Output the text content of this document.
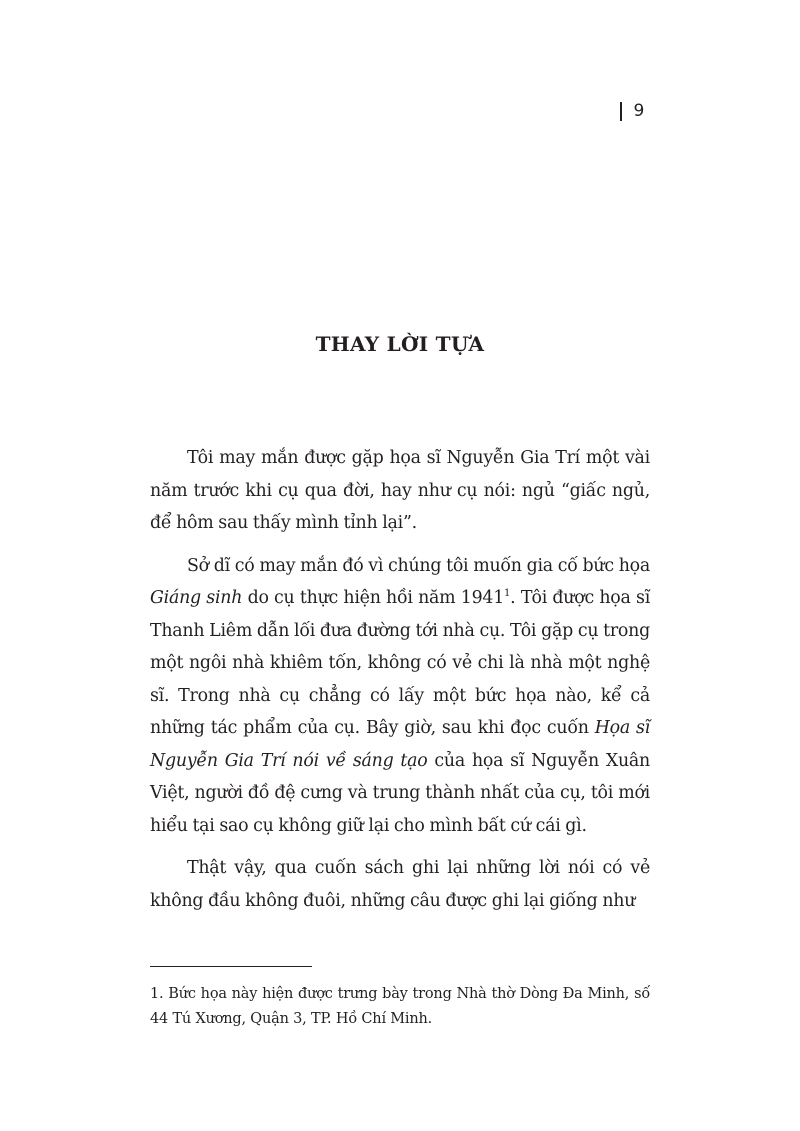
9
THAY LỜI TỰA

Tôi may mắn được gặp họa sĩ Nguyễn Gia Trí một vài năm trước khi cụ qua đời, hay như cụ nói: ngủ “giấc ngủ, để hôm sau thấy mình tỉnh lại”.

Sở dĩ có may mắn đó vì chúng tôi muốn gia cố bức họa Giáng sinh do cụ thực hiện hồi năm 1941$^1$. Tôi được họa sĩ Thanh Liêm dẫn lối đưa đường tới nhà cụ. Tôi gặp cụ trong một ngôi nhà khiêm tốn, không có vẻ chi là nhà một nghệ sĩ. Trong nhà cụ chẳng có lấy một bức họa nào, kể cả những tác phẩm của cụ. Bây giờ, sau khi đọc cuốn Họa sĩ Nguyễn Gia Trí nói về sáng tạo của họa sĩ Nguyễn Xuân Việt, người đồ đệ cưng và trung thành nhất của cụ, tôi mới hiểu tại sao cụ không giữ lại cho mình bất cứ cái gì.

Thật vậy, qua cuốn sách ghi lại những lời nói có vẻ không đầu không đuôi, những câu được ghi lại giống như

1. Bức họa này hiện được trưng bày trong Nhà thờ Dòng Đa Minh, số 44 Tú Xương, Quận 3, TP. Hồ Chí Minh.
